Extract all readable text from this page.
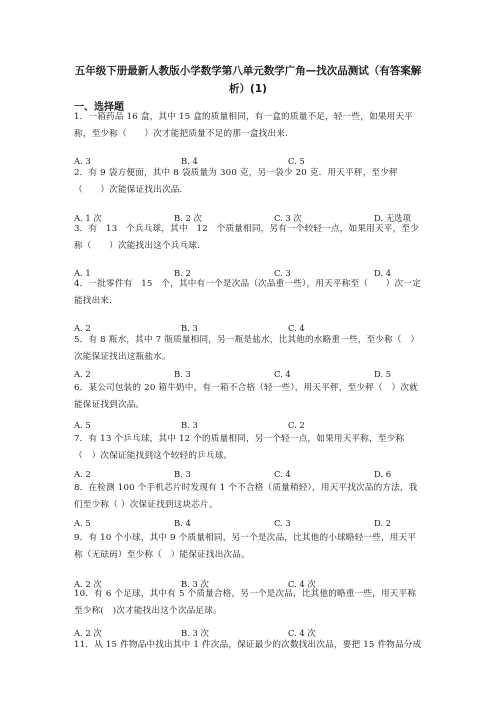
五年级下册最新人教版小学数学第八单元数学广角—找次品测试（有答案解析）(1)
一、选择题
1．一箱药品 16 盒，其中 15 盒的质量相同，有一盒的质量不足，轻一些，如果用天平称，至少称（　　）次才能把质量不足的那一盒找出来.
A. 3	B. 4	C. 5
2．有 9 袋方便面，其中 8 袋质量为 300 克，另一袋少 20 克．用天平秤，至少秤（　　）次能保证找出次品.
A. 1 次	B. 2 次	C. 3 次	D. 无选项
3．有　13　个兵乓球，其中　12　个质量相同，另有一个较轻一点，如果用天平，至少称（　　）次能找出这个兵乓球.
A. 1	B. 2	C. 3	D. 4
4．一批零件有　15　个，其中有一个是次品（次品重一些），用天平称至（　　）次一定能找出来.
A. 2	B. 3	C. 4
5．有 8 瓶水，其中 7 瓶质量相同，另一瓶是盐水，比其他的水略重一些，至少称（　）次能保证找出这瓶盐水。
A. 2	B. 3	C. 4	D. 5
6．某公司包装的 20 箱牛奶中，有一箱不合格（轻一些），用天平秤，至少秤（　）次就能保证找到次品。
A. 5	B. 3	C. 2
7．有 13 个乒乓球，其中 12 个的质量相同，另一个轻一点，如果用天平称，至少称（　）次保证能找到这个较轻的乒乓球。
A. 2	B. 3	C. 4	D. 6
8．在检测 100 个手机芯片时发现有 1 个不合格（质量稍轻），用天平找次品的方法，我们至少称（ ）次保证找到这块芯片。
A. 5	B. 4	C. 3	D. 2
9．有 10 个小球，其中 9 个质量相同，另一个是次品，比其他的小球略轻一些，用天平称（无砝码）至少称（　）能保证找出次品。
A. 2 次	B. 3 次	C. 4 次
10．有 6 个足球，其中有 5 个质量合格，另一个是次品，比其他的略重一些，用天平称至少称(　)次才能找出这个次品足球。
A. 2 次	B. 3 次	C. 4 次
11．从 15 件物品中找出其中 1 件次品，保证最少的次数找出次品，要把 15 件物品分成
